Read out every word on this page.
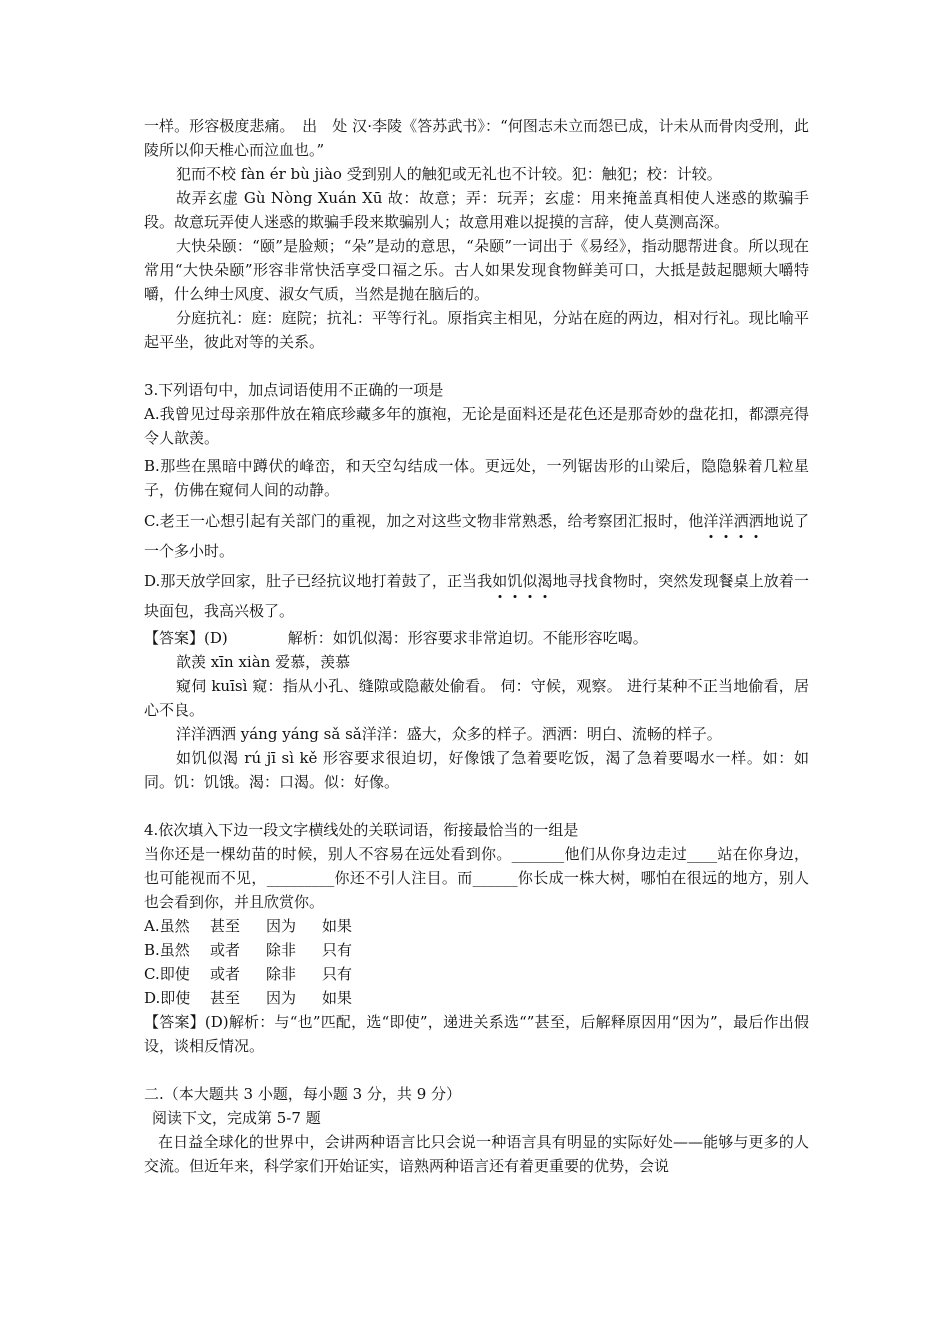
一样。形容极度悲痛。　出　处 汉·李陵《答苏武书》：“何图志未立而怨已成，计未从而骨肉受刑，此陵所以仰天椎心而泣血也。”

犯而不校 fàn ér bù jiào 受到别人的触犯或无礼也不计较。犯：触犯；校：计较。

故弄玄虚 Gù Nòng Xuán Xū 故：故意；弄：玩弄；玄虚：用来掩盖真相使人迷惑的欺骗手段。故意玩弄使人迷惑的欺骗手段来欺骗别人；故意用难以捉摸的言辞，使人莫测高深。

大快朵颐：“颐”是脸颊；“朵”是动的意思，“朵颐”一词出于《易经》，指动腮帮进食。所以现在常用“大快朵颐”形容非常快活享受口福之乐。古人如果发现食物鲜美可口，大抵是鼓起腮颊大嚼特嚼，什么绅士风度、淑女气质，当然是抛在脑后的。

分庭抗礼：庭：庭院；抗礼：平等行礼。原指宾主相见，分站在庭的两边，相对行礼。现比喻平起平坐，彼此对等的关系。

3.下列语句中，加点词语使用不正确的一项是

A.我曾见过母亲那件放在箱底珍藏多年的旗袍，无论是面料还是花色还是那奇妙的盘花扣，都漂亮得令人歆羡。

B.那些在黑暗中蹲伏的峰峦，和天空勾结成一体。更远处，一列锯齿形的山梁后，隐隐躲着几粒星子，仿佛在窥伺人间的动静。

C.老王一心想引起有关部门的重视，加之对这些文物非常熟悉，给考察团汇报时，他洋洋洒洒地说了一个多小时。

D.那天放学回家，肚子已经抗议地打着鼓了，正当我如饥似渴地寻找食物时，突然发现餐桌上放着一块面包，我高兴极了。

【答案】(D)　　　　解析：如饥似渴：形容要求非常迫切。不能形容吃喝。

歆羡 xīn xiàn 爱慕，羡慕

窥伺 kuīsì 窥：指从小孔、缝隙或隐蔽处偷看。 伺：守候，观察。 进行某种不正当地偷看，居心不良。

洋洋洒洒 yáng yáng sǎ sǎ洋洋：盛大，众多的样子。洒洒：明白、流畅的样子。

如饥似渴 rú jī sì kě 形容要求很迫切，好像饿了急着要吃饭，渴了急着要喝水一样。如：如同。饥：饥饿。渴：口渴。似：好像。

4.依次填入下边一段文字横线处的关联词语，衔接最恰当的一组是

当你还是一棵幼苗的时候，别人不容易在远处看到你。_______他们从你身边走过____站在你身边，也可能视而不见，_________你还不引人注目。而______你长成一株大树，哪怕在很远的地方，别人也会看到你，并且欣赏你。

A.虽然 甚至 因为 如果

B.虽然 或者 除非 只有

C.即使 或者 除非 只有

D.即使 甚至 因为 如果

【答案】(D)解析：与“也”匹配，选“即使”，递进关系选“”甚至，后解释原因用“因为”，最后作出假设，谈相反情况。

二.（本大题共 3 小题，每小题 3 分，共 9 分）

阅读下文，完成第 5-7 题

在日益全球化的世界中，会讲两种语言比只会说一种语言具有明显的实际好处——能够与更多的人交流。但近年来，科学家们开始证实，谙熟两种语言还有着更重要的优势，会说
